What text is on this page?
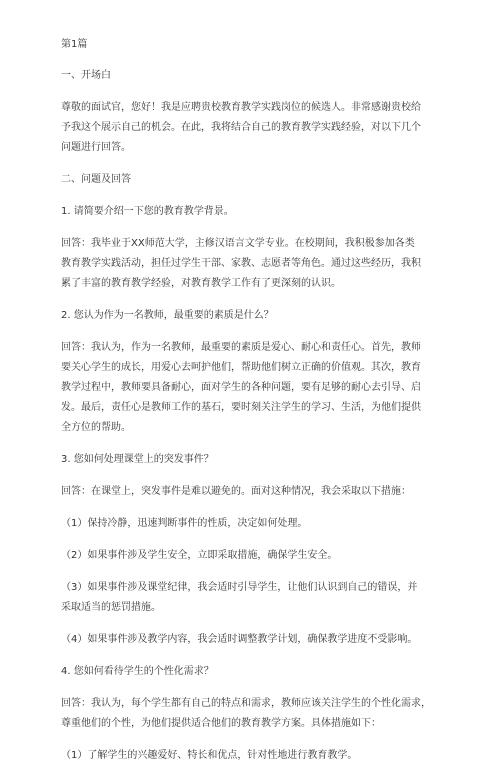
第1篇

一、开场白

尊敬的面试官，您好！我是应聘贵校教育教学实践岗位的候选人。非常感谢贵校给

予我这个展示自己的机会。在此，我将结合自己的教育教学实践经验，对以下几个

问题进行回答。

二、问题及回答

1. 请简要介绍一下您的教育教学背景。

回答：我毕业于XX师范大学，主修汉语言文学专业。在校期间，我积极参加各类

教育教学实践活动，担任过学生干部、家教、志愿者等角色。通过这些经历，我积

累了丰富的教育教学经验，对教育教学工作有了更深刻的认识。

2. 您认为作为一名教师，最重要的素质是什么？

回答：我认为，作为一名教师，最重要的素质是爱心、耐心和责任心。首先，教师

要关心学生的成长，用爱心去呵护他们，帮助他们树立正确的价值观。其次，教育

教学过程中，教师要具备耐心，面对学生的各种问题，要有足够的耐心去引导、启

发。最后，责任心是教师工作的基石，要时刻关注学生的学习、生活，为他们提供

全方位的帮助。

3. 您如何处理课堂上的突发事件？

回答：在课堂上，突发事件是难以避免的。面对这种情况，我会采取以下措施：

（1）保持冷静，迅速判断事件的性质，决定如何处理。

（2）如果事件涉及学生安全，立即采取措施，确保学生安全。

（3）如果事件涉及课堂纪律，我会适时引导学生，让他们认识到自己的错误，并

采取适当的惩罚措施。

（4）如果事件涉及教学内容，我会适时调整教学计划，确保教学进度不受影响。

4. 您如何看待学生的个性化需求？

回答：我认为，每个学生都有自己的特点和需求，教师应该关注学生的个性化需求，

尊重他们的个性，为他们提供适合他们的教育教学方案。具体措施如下：

（1）了解学生的兴趣爱好、特长和优点，针对性地进行教育教学。
